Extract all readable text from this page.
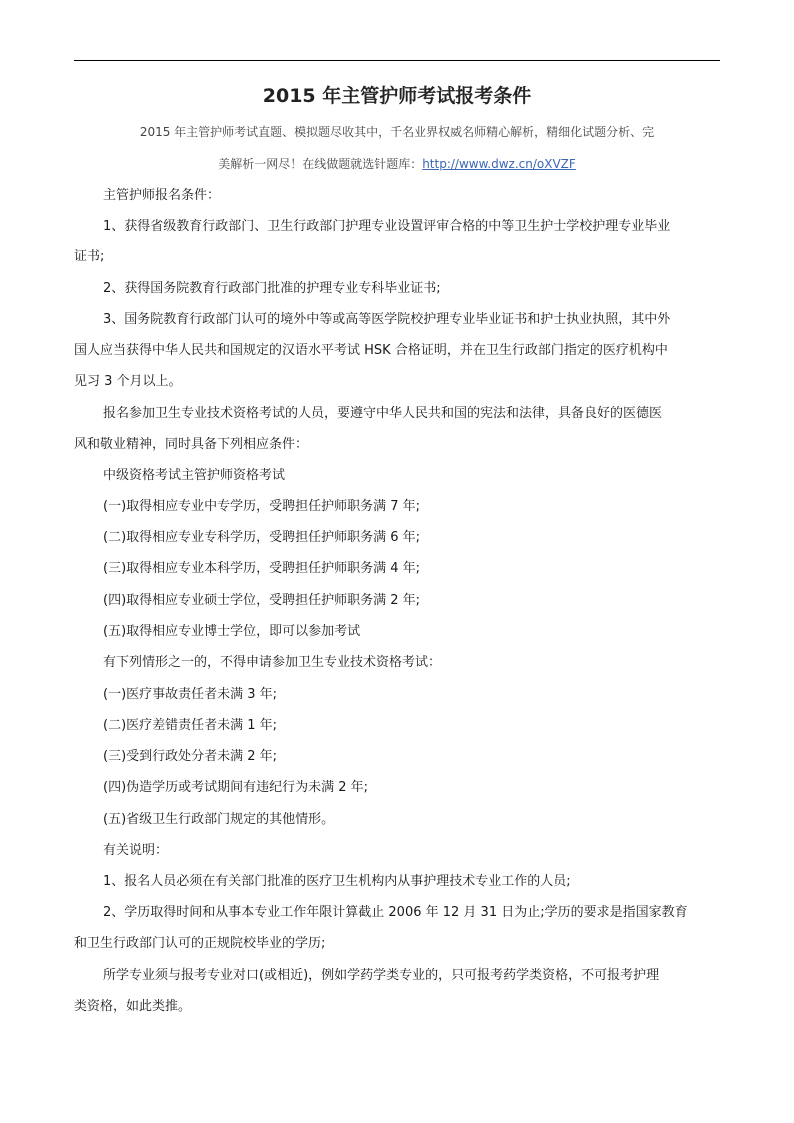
2015 年主管护师考试报考条件
2015 年主管护师考试直题、模拟题尽收其中，千名业界权威名师精心解析，精细化试题分析、完
美解析一网尽！在线做题就选针题库：http://www.dwz.cn/oXVZF
主管护师报名条件：
1、获得省级教育行政部门、卫生行政部门护理专业设置评审合格的中等卫生护士学校护理专业毕业
证书;
2、获得国务院教育行政部门批准的护理专业专科毕业证书;
3、国务院教育行政部门认可的境外中等或高等医学院校护理专业毕业证书和护士执业执照，其中外
国人应当获得中华人民共和国规定的汉语水平考试 HSK 合格证明，并在卫生行政部门指定的医疗机构中
见习 3 个月以上。
报名参加卫生专业技术资格考试的人员，要遵守中华人民共和国的宪法和法律，具备良好的医德医
风和敬业精神，同时具备下列相应条件：
中级资格考试主管护师资格考试
(一)取得相应专业中专学历，受聘担任护师职务满 7 年;
(二)取得相应专业专科学历，受聘担任护师职务满 6 年;
(三)取得相应专业本科学历，受聘担任护师职务满 4 年;
(四)取得相应专业硕士学位，受聘担任护师职务满 2 年;
(五)取得相应专业博士学位，即可以参加考试
有下列情形之一的，不得申请参加卫生专业技术资格考试：
(一)医疗事故责任者未满 3 年;
(二)医疗差错责任者未满 1 年;
(三)受到行政处分者未满 2 年;
(四)伪造学历或考试期间有违纪行为未满 2 年;
(五)省级卫生行政部门规定的其他情形。
有关说明：
1、报名人员必须在有关部门批准的医疗卫生机构内从事护理技术专业工作的人员;
2、学历取得时间和从事本专业工作年限计算截止 2006 年 12 月 31 日为止;学历的要求是指国家教育
和卫生行政部门认可的正规院校毕业的学历;
所学专业须与报考专业对口(或相近)，例如学药学类专业的，只可报考药学类资格，不可报考护理
类资格，如此类推。
